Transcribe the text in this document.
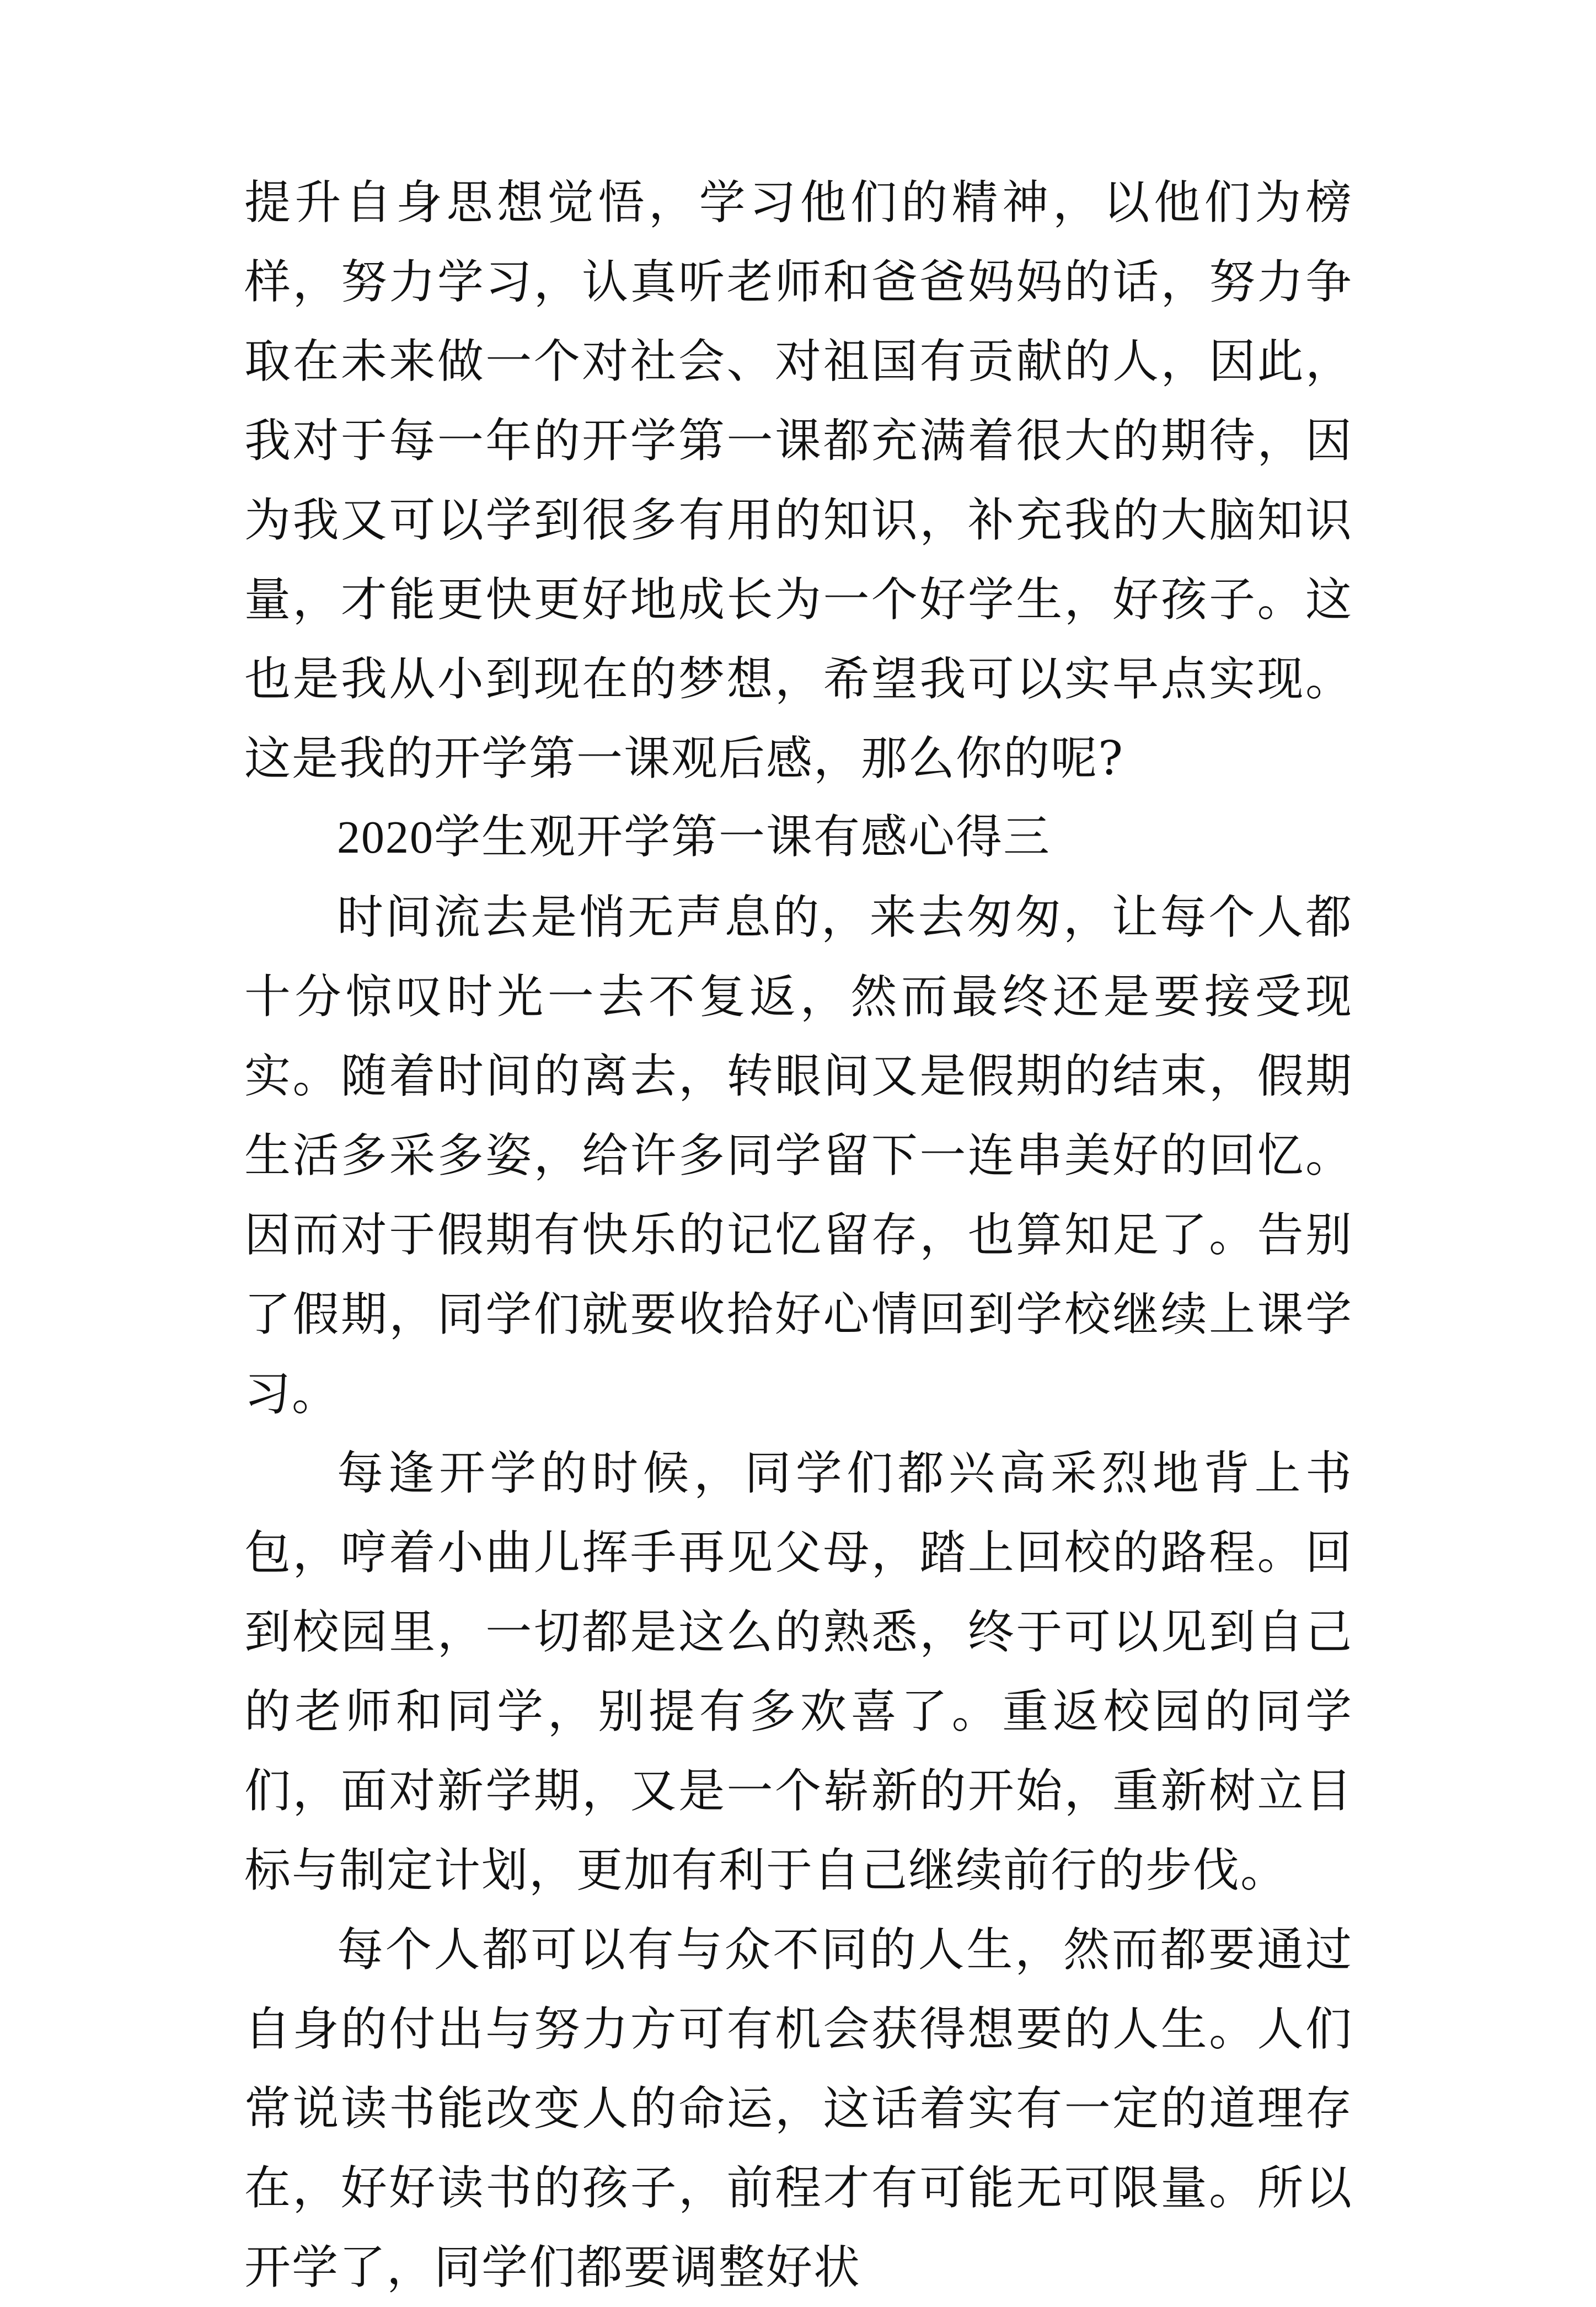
提升自身思想觉悟，学习他们的精神，以他们为榜样，努力学习，认真听老师和爸爸妈妈的话，努力争取在未来做一个对社会、对祖国有贡献的人，因此，我对于每一年的开学第一课都充满着很大的期待，因为我又可以学到很多有用的知识，补充我的大脑知识量，才能更快更好地成长为一个好学生，好孩子。这也是我从小到现在的梦想，希望我可以实早点实现。这是我的开学第一课观后感，那么你的呢?

2020学生观开学第一课有感心得三

时间流去是悄无声息的，来去匆匆，让每个人都十分惊叹时光一去不复返，然而最终还是要接受现实。随着时间的离去，转眼间又是假期的结束，假期生活多采多姿，给许多同学留下一连串美好的回忆。因而对于假期有快乐的记忆留存，也算知足了。告别了假期，同学们就要收拾好心情回到学校继续上课学习。

每逢开学的时候，同学们都兴高采烈地背上书包，哼着小曲儿挥手再见父母，踏上回校的路程。回到校园里，一切都是这么的熟悉，终于可以见到自己的老师和同学，别提有多欢喜了。重返校园的同学们，面对新学期，又是一个崭新的开始，重新树立目标与制定计划，更加有利于自己继续前行的步伐。

每个人都可以有与众不同的人生，然而都要通过自身的付出与努力方可有机会获得想要的人生。人们常说读书能改变人的命运，这话着实有一定的道理存在，好好读书的孩子，前程才有可能无可限量。所以开学了，同学们都要调整好状
